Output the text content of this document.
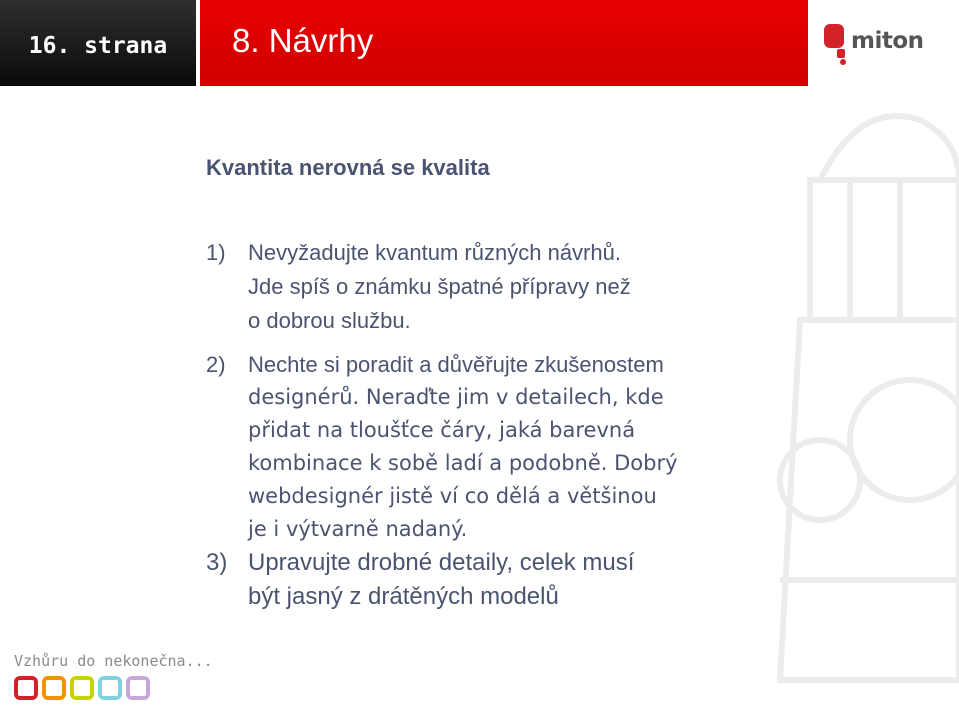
16. strana 8. Návrhy	miton
Kvantita nerovná se kvalita
1) Nevyžadujte kvantum různých návrhů.
Jde spíš o známku špatné přípravy než
o dobrou službu.
2) Nechte si poradit a důvěřujte zkušenostem
designérů. Neraďte jim v detailech, kde
přidat na tloušťce čáry, jaká barevná
kombinace k sobě ladí a podobně. Dobrý
webdesignér jistě ví co dělá a většinou
je i výtvarně nadaný.
3) Upravujte drobné detaily, celek musí
být jasný z drátěných modelů
Vzhůru do nekonečna...
